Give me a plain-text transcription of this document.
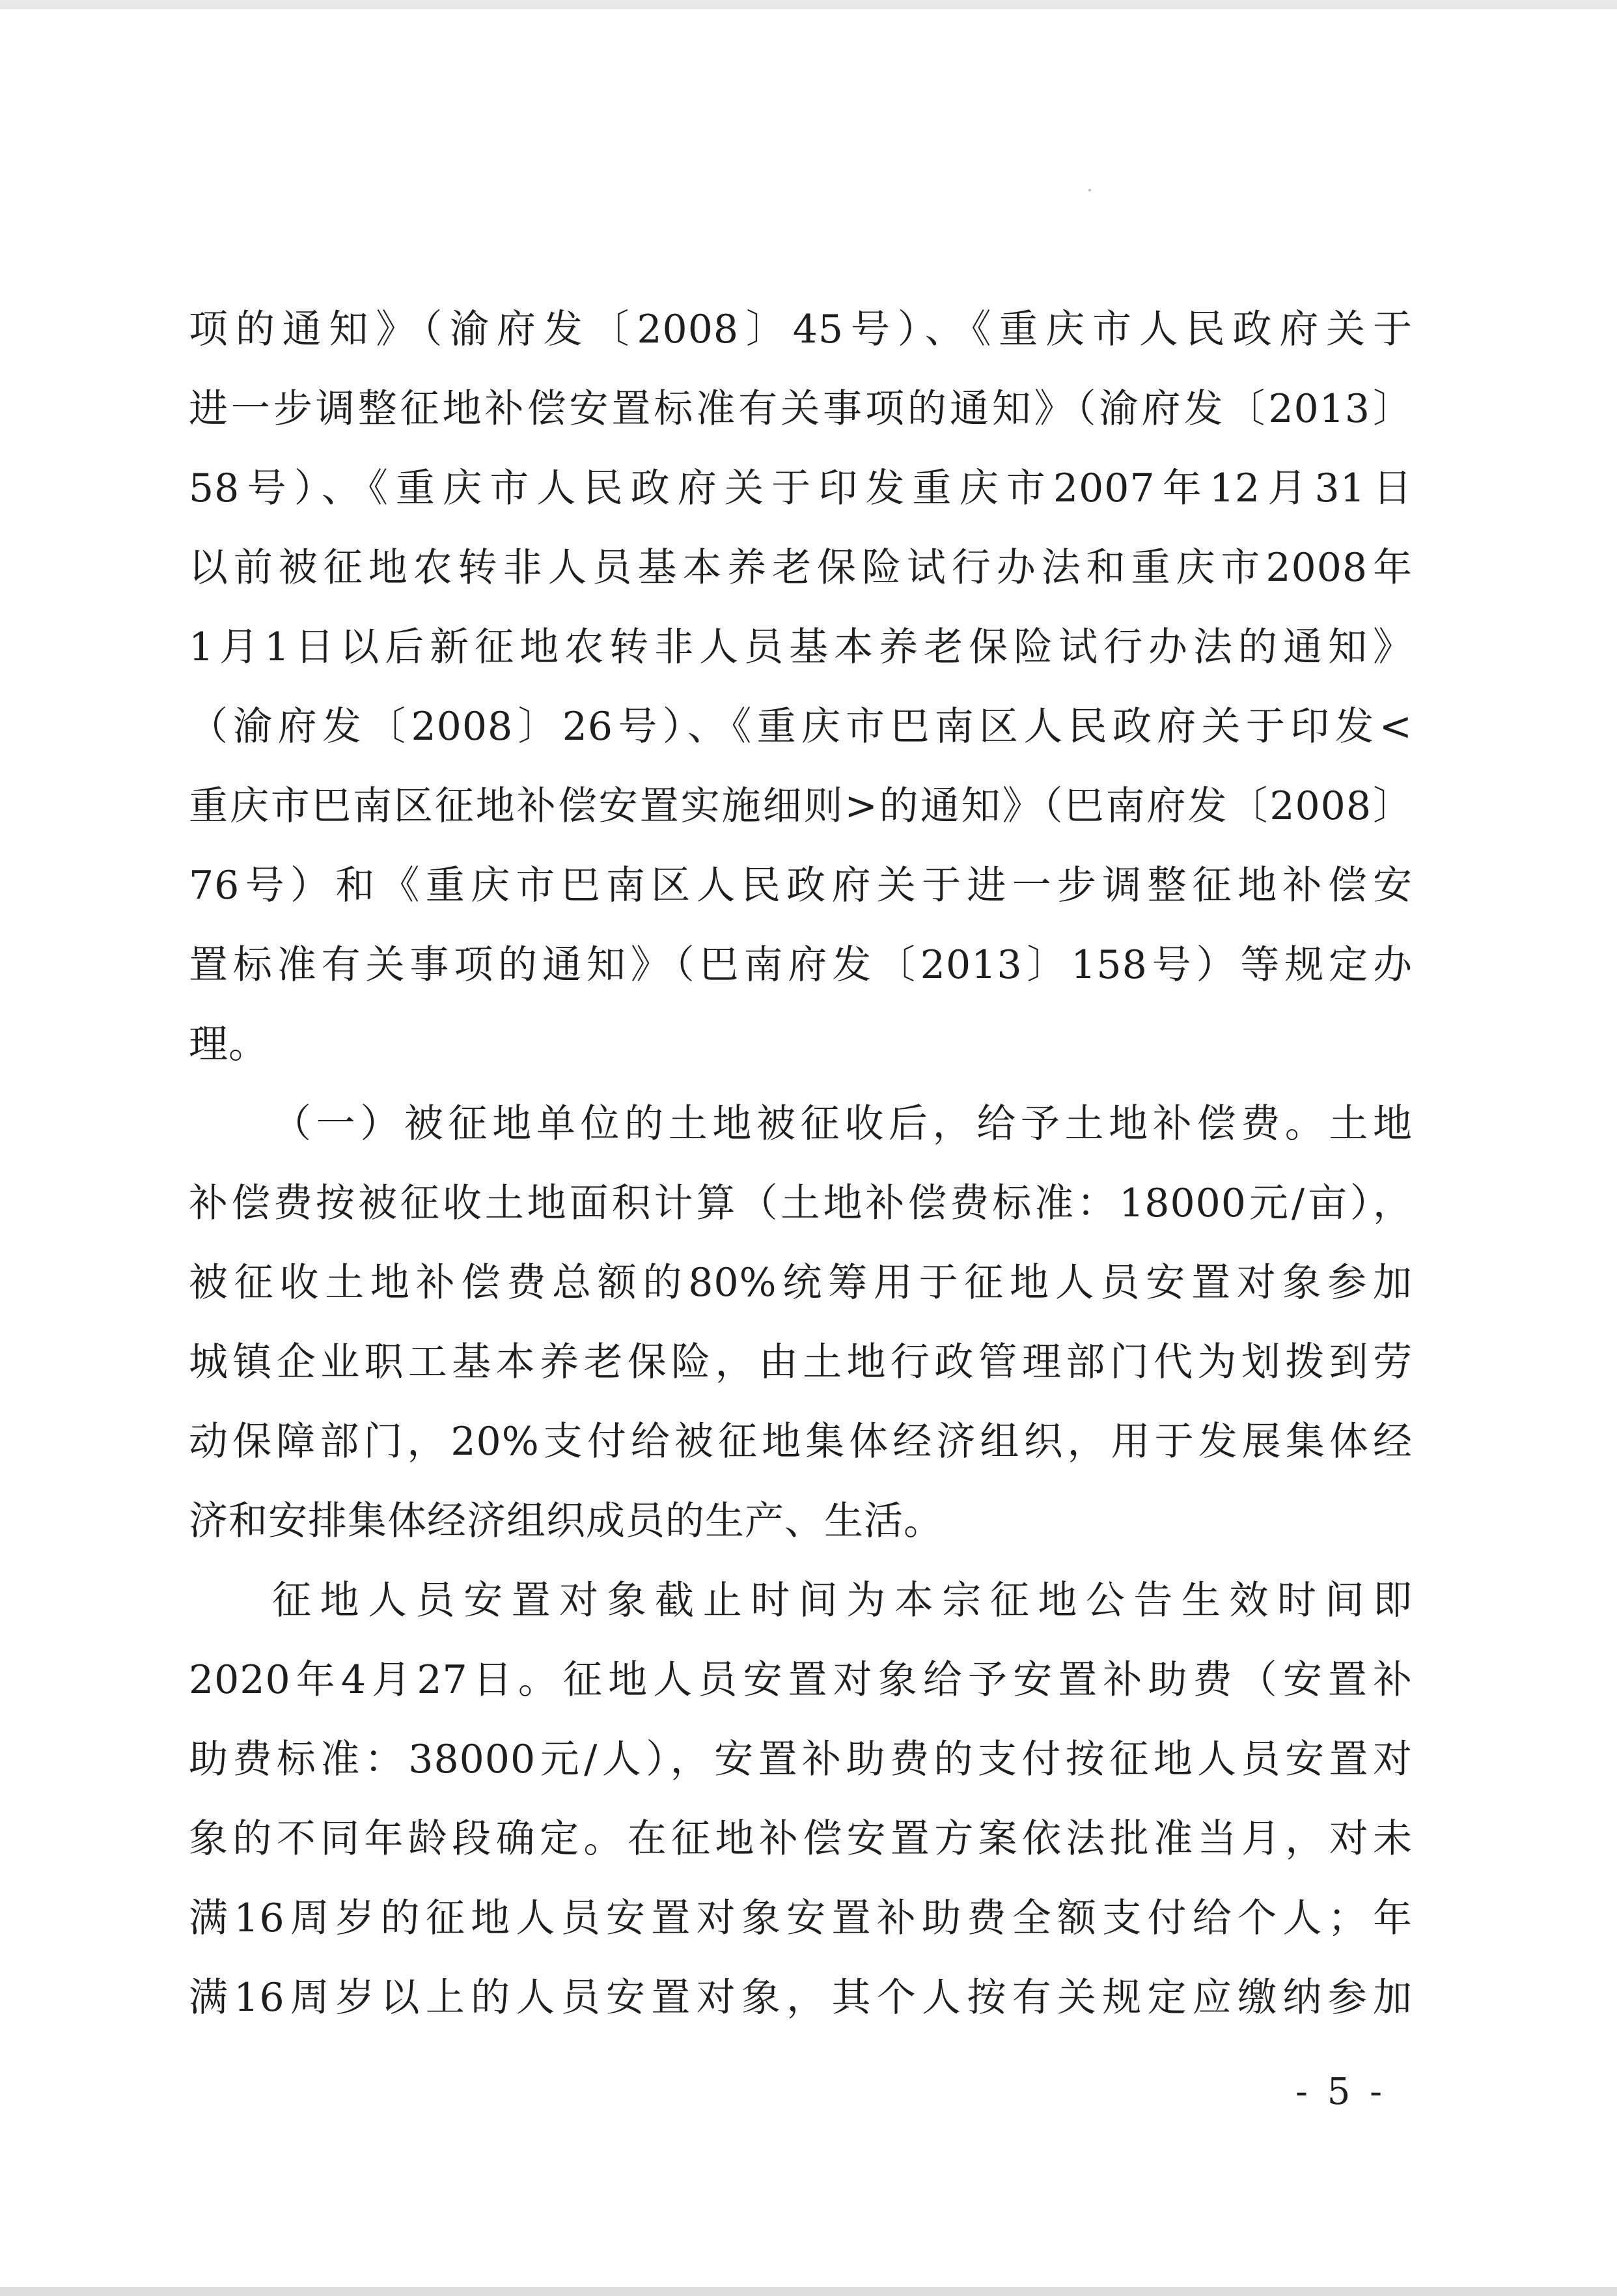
项的通知》（渝府发〔2008〕45号）、《重庆市人民政府关于
进一步调整征地补偿安置标准有关事项的通知》（渝府发〔2013〕
58号）、《重庆市人民政府关于印发重庆市2007年12月31日
以前被征地农转非人员基本养老保险试行办法和重庆市2008年
1月1日以后新征地农转非人员基本养老保险试行办法的通知》
（渝府发〔2008〕26号）、《重庆市巴南区人民政府关于印发<
重庆市巴南区征地补偿安置实施细则>的通知》（巴南府发〔2008〕
76号）和《重庆市巴南区人民政府关于进一步调整征地补偿安
置标准有关事项的通知》（巴南府发〔2013〕158号）等规定办
理。
（一）被征地单位的土地被征收后，给予土地补偿费。土地
补偿费按被征收土地面积计算（土地补偿费标准：18000元/亩），
被征收土地补偿费总额的80%统筹用于征地人员安置对象参加
城镇企业职工基本养老保险，由土地行政管理部门代为划拨到劳
动保障部门，20%支付给被征地集体经济组织，用于发展集体经
济和安排集体经济组织成员的生产、生活。
征地人员安置对象截止时间为本宗征地公告生效时间即
2020年4月27日。征地人员安置对象给予安置补助费（安置补
助费标准：38000元/人），安置补助费的支付按征地人员安置对
象的不同年龄段确定。在征地补偿安置方案依法批准当月，对未
满16周岁的征地人员安置对象安置补助费全额支付给个人；年
满16周岁以上的人员安置对象，其个人按有关规定应缴纳参加
- 5 -
